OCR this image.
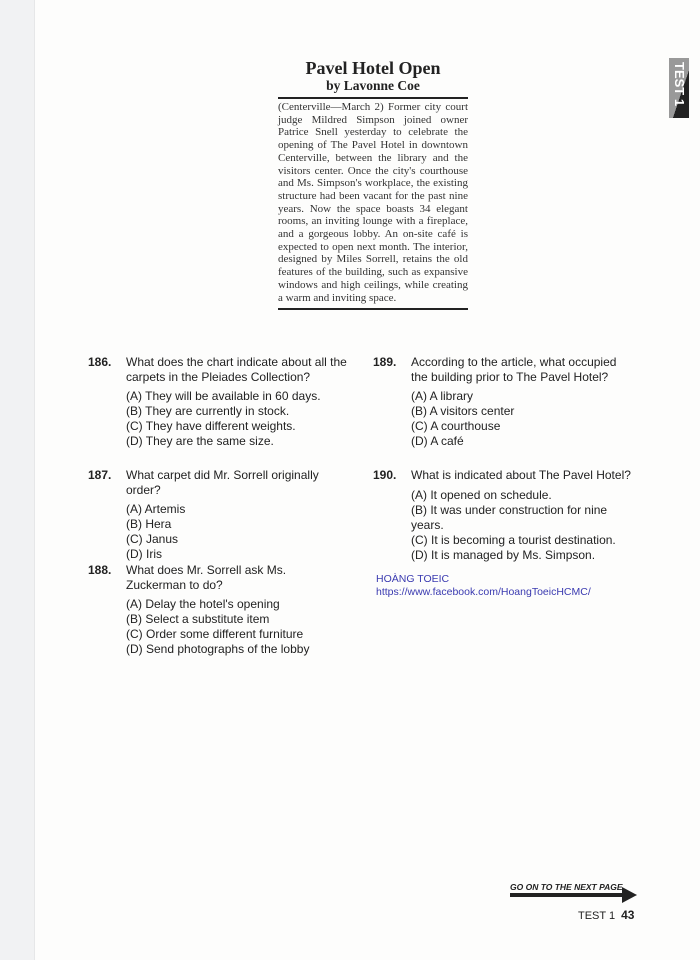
Pavel Hotel Open
by Lavonne Coe
(Centerville—March 2) Former city court judge Mildred Simpson joined owner Patrice Snell yesterday to celebrate the opening of The Pavel Hotel in downtown Centerville, between the library and the visitors center. Once the city's courthouse and Ms. Simpson's workplace, the existing structure had been vacant for the past nine years. Now the space boasts 34 elegant rooms, an inviting lounge with a fireplace, and a gorgeous lobby. An on-site café is expected to open next month. The interior, designed by Miles Sorrell, retains the old features of the building, such as expansive windows and high ceilings, while creating a warm and inviting space.
TEST 1
186.	What does the chart indicate about all the carpets in the Pleiades Collection?
(A) They will be available in 60 days.
(B) They are currently in stock.
(C) They have different weights.
(D) They are the same size.
187.	What carpet did Mr. Sorrell originally order?
(A) Artemis
(B) Hera
(C) Janus
(D) Iris
188.	What does Mr. Sorrell ask Ms. Zuckerman to do?
(A) Delay the hotel's opening
(B) Select a substitute item
(C) Order some different furniture
(D) Send photographs of the lobby
189.	According to the article, what occupied the building prior to The Pavel Hotel?
(A) A library
(B) A visitors center
(C) A courthouse
(D) A café
190.	What is indicated about The Pavel Hotel?
(A) It opened on schedule.
(B) It was under construction for nine years.
(C) It is becoming a tourist destination.
(D) It is managed by Ms. Simpson.
HOÀNG TOEIC
https://www.facebook.com/HoangToeicHCMC/
GO ON TO THE NEXT PAGE
TEST 1 43
